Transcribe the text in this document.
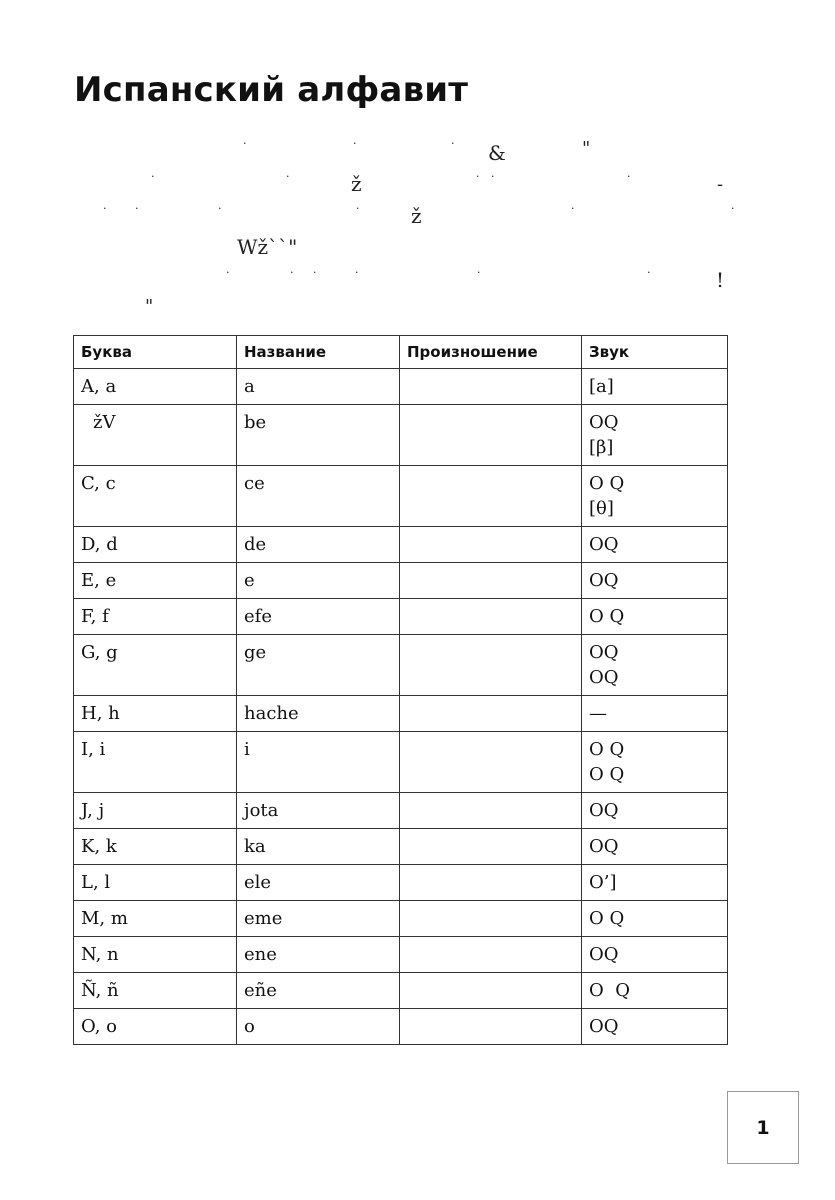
Испанский алфавит
·	·	· &	"
·	·	ž	· ·	·	-
·	·	·	·	ž	·	·
Wž``"
·	· ·	·	·	·	!
"
Буква	Название	Произношение	Звук
A, a	a		[a]

žV	be		OQ
[β]

C, c	ce		O Q
[θ]

D, d	de		OQ

E, e	e		OQ

F, f	efe		O Q

G, g	ge		OQ
OQ

H, h	hache		—

I, i	i		O Q
O Q

J, j	jota		OQ

K, k	ka		OQ

L, l	ele		O’]

M, m	eme		O Q

N, n	ene		OQ

Ñ, ñ	eñe		O  Q

O, o	o		OQ
1
